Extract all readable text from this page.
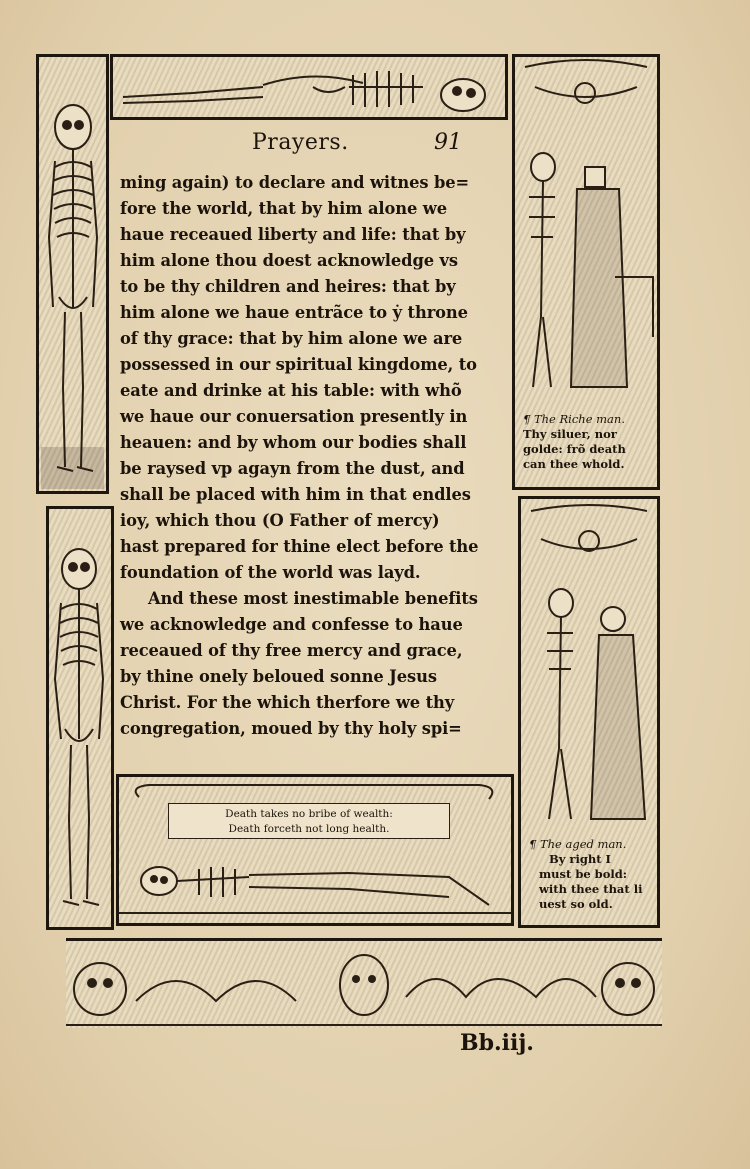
Prayers.	91
ming again) to declare and witnes be=
fore the world, that by him alone we
haue receaued liberty and life: that by
him alone thou doest acknowledge vs
to be thy children and heires: that by
him alone we haue entrãce to ẏ throne
of thy grace: that by him alone we are
possessed in our spiritual kingdome, to
eate and drinke at his table: with whõ
we haue our conuersation presently in
heauen: and by whom our bodies shall
be raysed vp agayn from the dust, and
shall be placed with him in that endles
ioy, which thou (O Father of mercy)
hast prepared for thine elect before the
foundation of the world was layd.
And these most inestimable benefits
we acknowledge and confesse to haue
receaued of thy free mercy and grace,
by thine onely beloued sonne Jesus
Christ. For the which therfore we thy
congregation, moued by thy holy spi=
Death takes no bribe of wealth:
Death forceth not long health.
¶ The Riche man.
Thy siluer, nor
golde: frõ death
can thee whold.
¶ The aged man.
By right I
must be bold:
with thee that li
uest so old.
Bb.iij.
